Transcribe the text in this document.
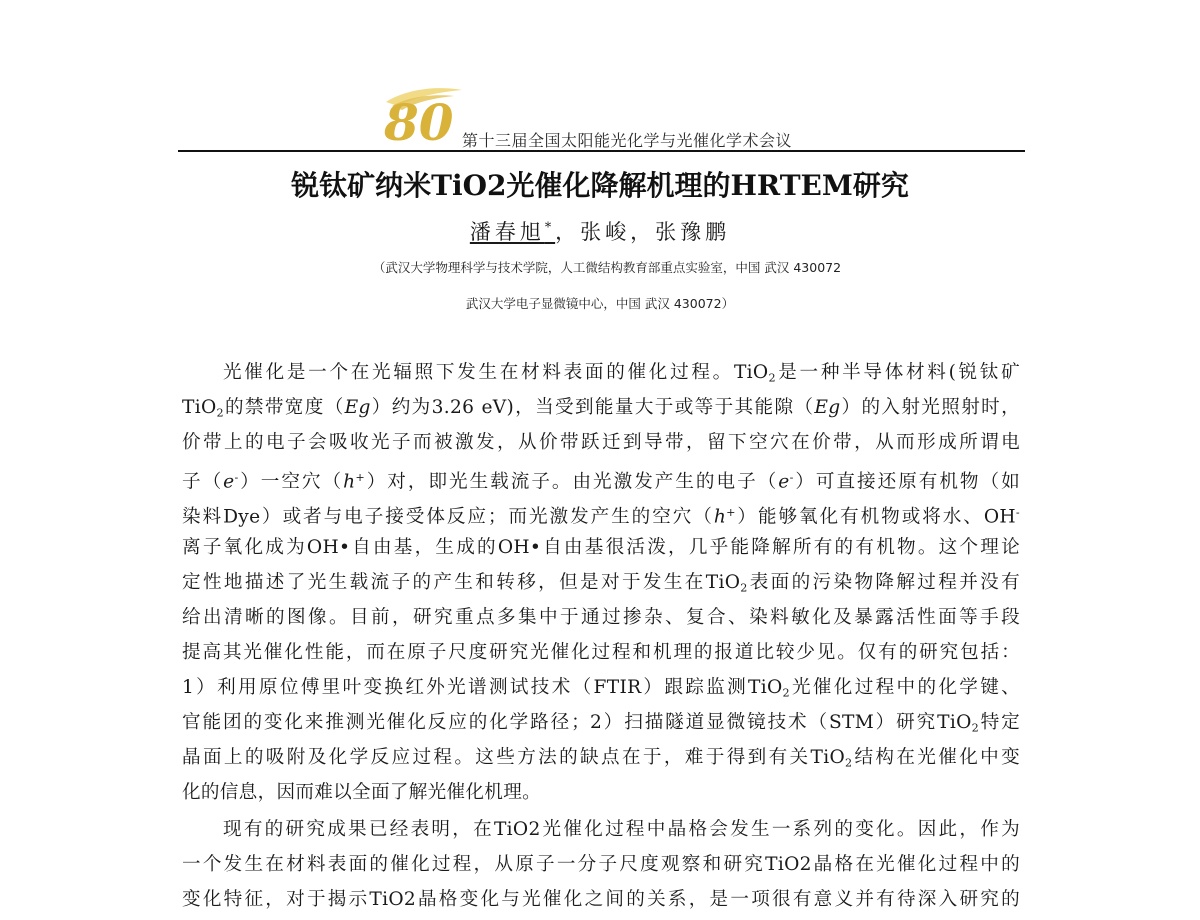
80 第十三届全国太阳能光化学与光催化学术会议
锐钛矿纳米TiO2光催化降解机理的HRTEM研究
潘春旭*，张峻，张豫鹏
（武汉大学物理科学与技术学院，人工微结构教育部重点实验室，中国 武汉 430072
武汉大学电子显微镜中心，中国 武汉 430072）
光催化是一个在光辐照下发生在材料表面的催化过程。TiO$_2$是一种半导体材料(锐钛矿
TiO$_2$的禁带宽度（Eg）约为3.26 eV)，当受到能量大于或等于其能隙（Eg）的入射光照射时，
价带上的电子会吸收光子而被激发，从价带跃迁到导带，留下空穴在价带，从而形成所谓电
子（e-）一空穴（h+）对，即光生载流子。由光激发产生的电子（e-）可直接还原有机物（如
染料Dye）或者与电子接受体反应；而光激发产生的空穴（h+）能够氧化有机物或将水、OH-
离子氧化成为OH•自由基，生成的OH•自由基很活泼，几乎能降解所有的有机物。这个理论
定性地描述了光生载流子的产生和转移，但是对于发生在TiO$_2$表面的污染物降解过程并没有
给出清晰的图像。目前，研究重点多集中于通过掺杂、复合、染料敏化及暴露活性面等手段
提高其光催化性能，而在原子尺度研究光催化过程和机理的报道比较少见。仅有的研究包括：
1）利用原位傅里叶变换红外光谱测试技术（FTIR）跟踪监测TiO$_2$光催化过程中的化学键、
官能团的变化来推测光催化反应的化学路径；2）扫描隧道显微镜技术（STM）研究TiO$_2$特定
晶面上的吸附及化学反应过程。这些方法的缺点在于，难于得到有关TiO$_2$结构在光催化中变
化的信息，因而难以全面了解光催化机理。
现有的研究成果已经表明，在TiO2光催化过程中晶格会发生一系列的变化。因此，作为
一个发生在材料表面的催化过程，从原子一分子尺度观察和研究TiO2晶格在光催化过程中的
变化特征，对于揭示TiO2晶格变化与光催化之间的关系，是一项很有意义并有待深入研究的
